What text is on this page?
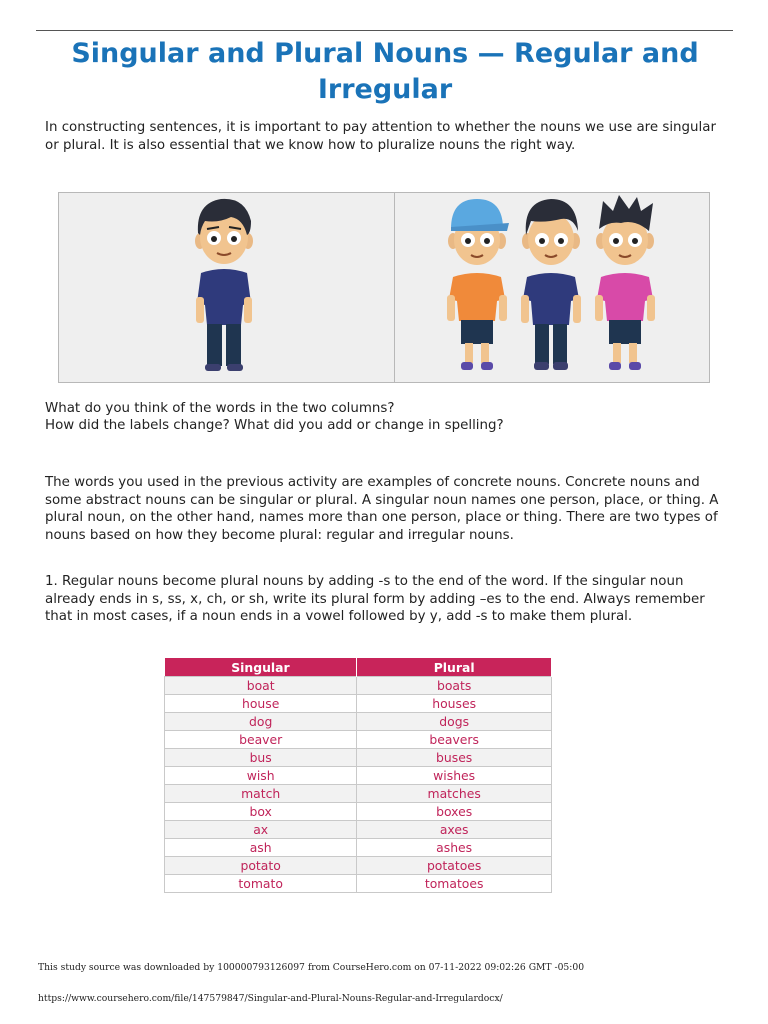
Singular and Plural Nouns — Regular and Irregular

In constructing sentences, it is important to pay attention to whether the nouns we use are singular or plural. It is also essential that we know how to pluralize nouns the right way.

What do you think of the words in the two columns?

How did the labels change? What did you add or change in spelling?

The words you used in the previous activity are examples of concrete nouns. Concrete nouns and some abstract nouns can be singular or plural. A singular noun names one person, place, or thing. A plural noun, on the other hand, names more than one person, place or thing. There are two types of nouns based on how they become plural: regular and irregular nouns.

1. Regular nouns become plural nouns by adding -s to the end of the word. If the singular noun already ends in s, ss, x, ch, or sh, write its plural form by adding –es to the end. Always remember that in most cases, if a noun ends in a vowel followed by y, add -s to make them plural.

Singular	Plural
boat	boats
house	houses
dog	dogs
beaver	beavers
bus	buses
wish	wishes
match	matches
box	boxes
ax	axes
ash	ashes
potato	potatoes
tomato	tomatoes
This study source was downloaded by 100000793126097 from CourseHero.com on 07-11-2022 09:02:26 GMT -05:00
https://www.coursehero.com/file/147579847/Singular-and-Plural-Nouns-Regular-and-Irregulardocx/
